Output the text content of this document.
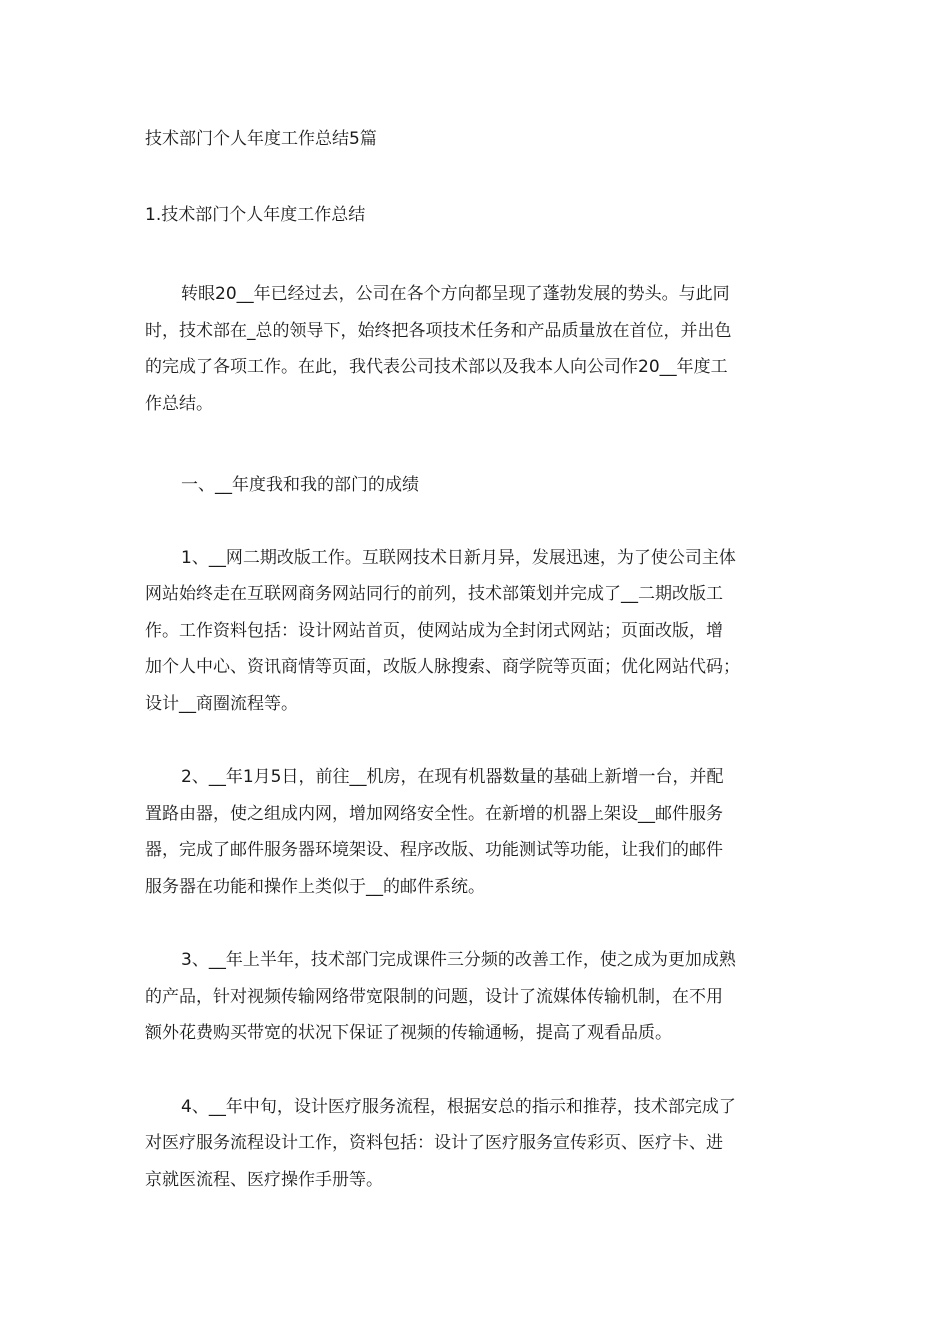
技术部门个人年度工作总结5篇
1.技术部门个人年度工作总结
转眼20__年已经过去，公司在各个方向都呈现了蓬勃发展的势头。与此同
时，技术部在_总的领导下，始终把各项技术任务和产品质量放在首位，并出色
的完成了各项工作。在此，我代表公司技术部以及我本人向公司作20__年度工
作总结。
一、__年度我和我的部门的成绩
1、__网二期改版工作。互联网技术日新月异，发展迅速，为了使公司主体
网站始终走在互联网商务网站同行的前列，技术部策划并完成了__二期改版工
作。工作资料包括：设计网站首页，使网站成为全封闭式网站；页面改版，增
加个人中心、资讯商情等页面，改版人脉搜索、商学院等页面；优化网站代码；
设计__商圈流程等。
2、__年1月5日，前往__机房，在现有机器数量的基础上新增一台，并配
置路由器，使之组成内网，增加网络安全性。在新增的机器上架设__邮件服务
器，完成了邮件服务器环境架设、程序改版、功能测试等功能，让我们的邮件
服务器在功能和操作上类似于__的邮件系统。
3、__年上半年，技术部门完成课件三分频的改善工作，使之成为更加成熟
的产品，针对视频传输网络带宽限制的问题，设计了流媒体传输机制，在不用
额外花费购买带宽的状况下保证了视频的传输通畅，提高了观看品质。
4、__年中旬，设计医疗服务流程，根据安总的指示和推荐，技术部完成了
对医疗服务流程设计工作，资料包括：设计了医疗服务宣传彩页、医疗卡、进
京就医流程、医疗操作手册等。
